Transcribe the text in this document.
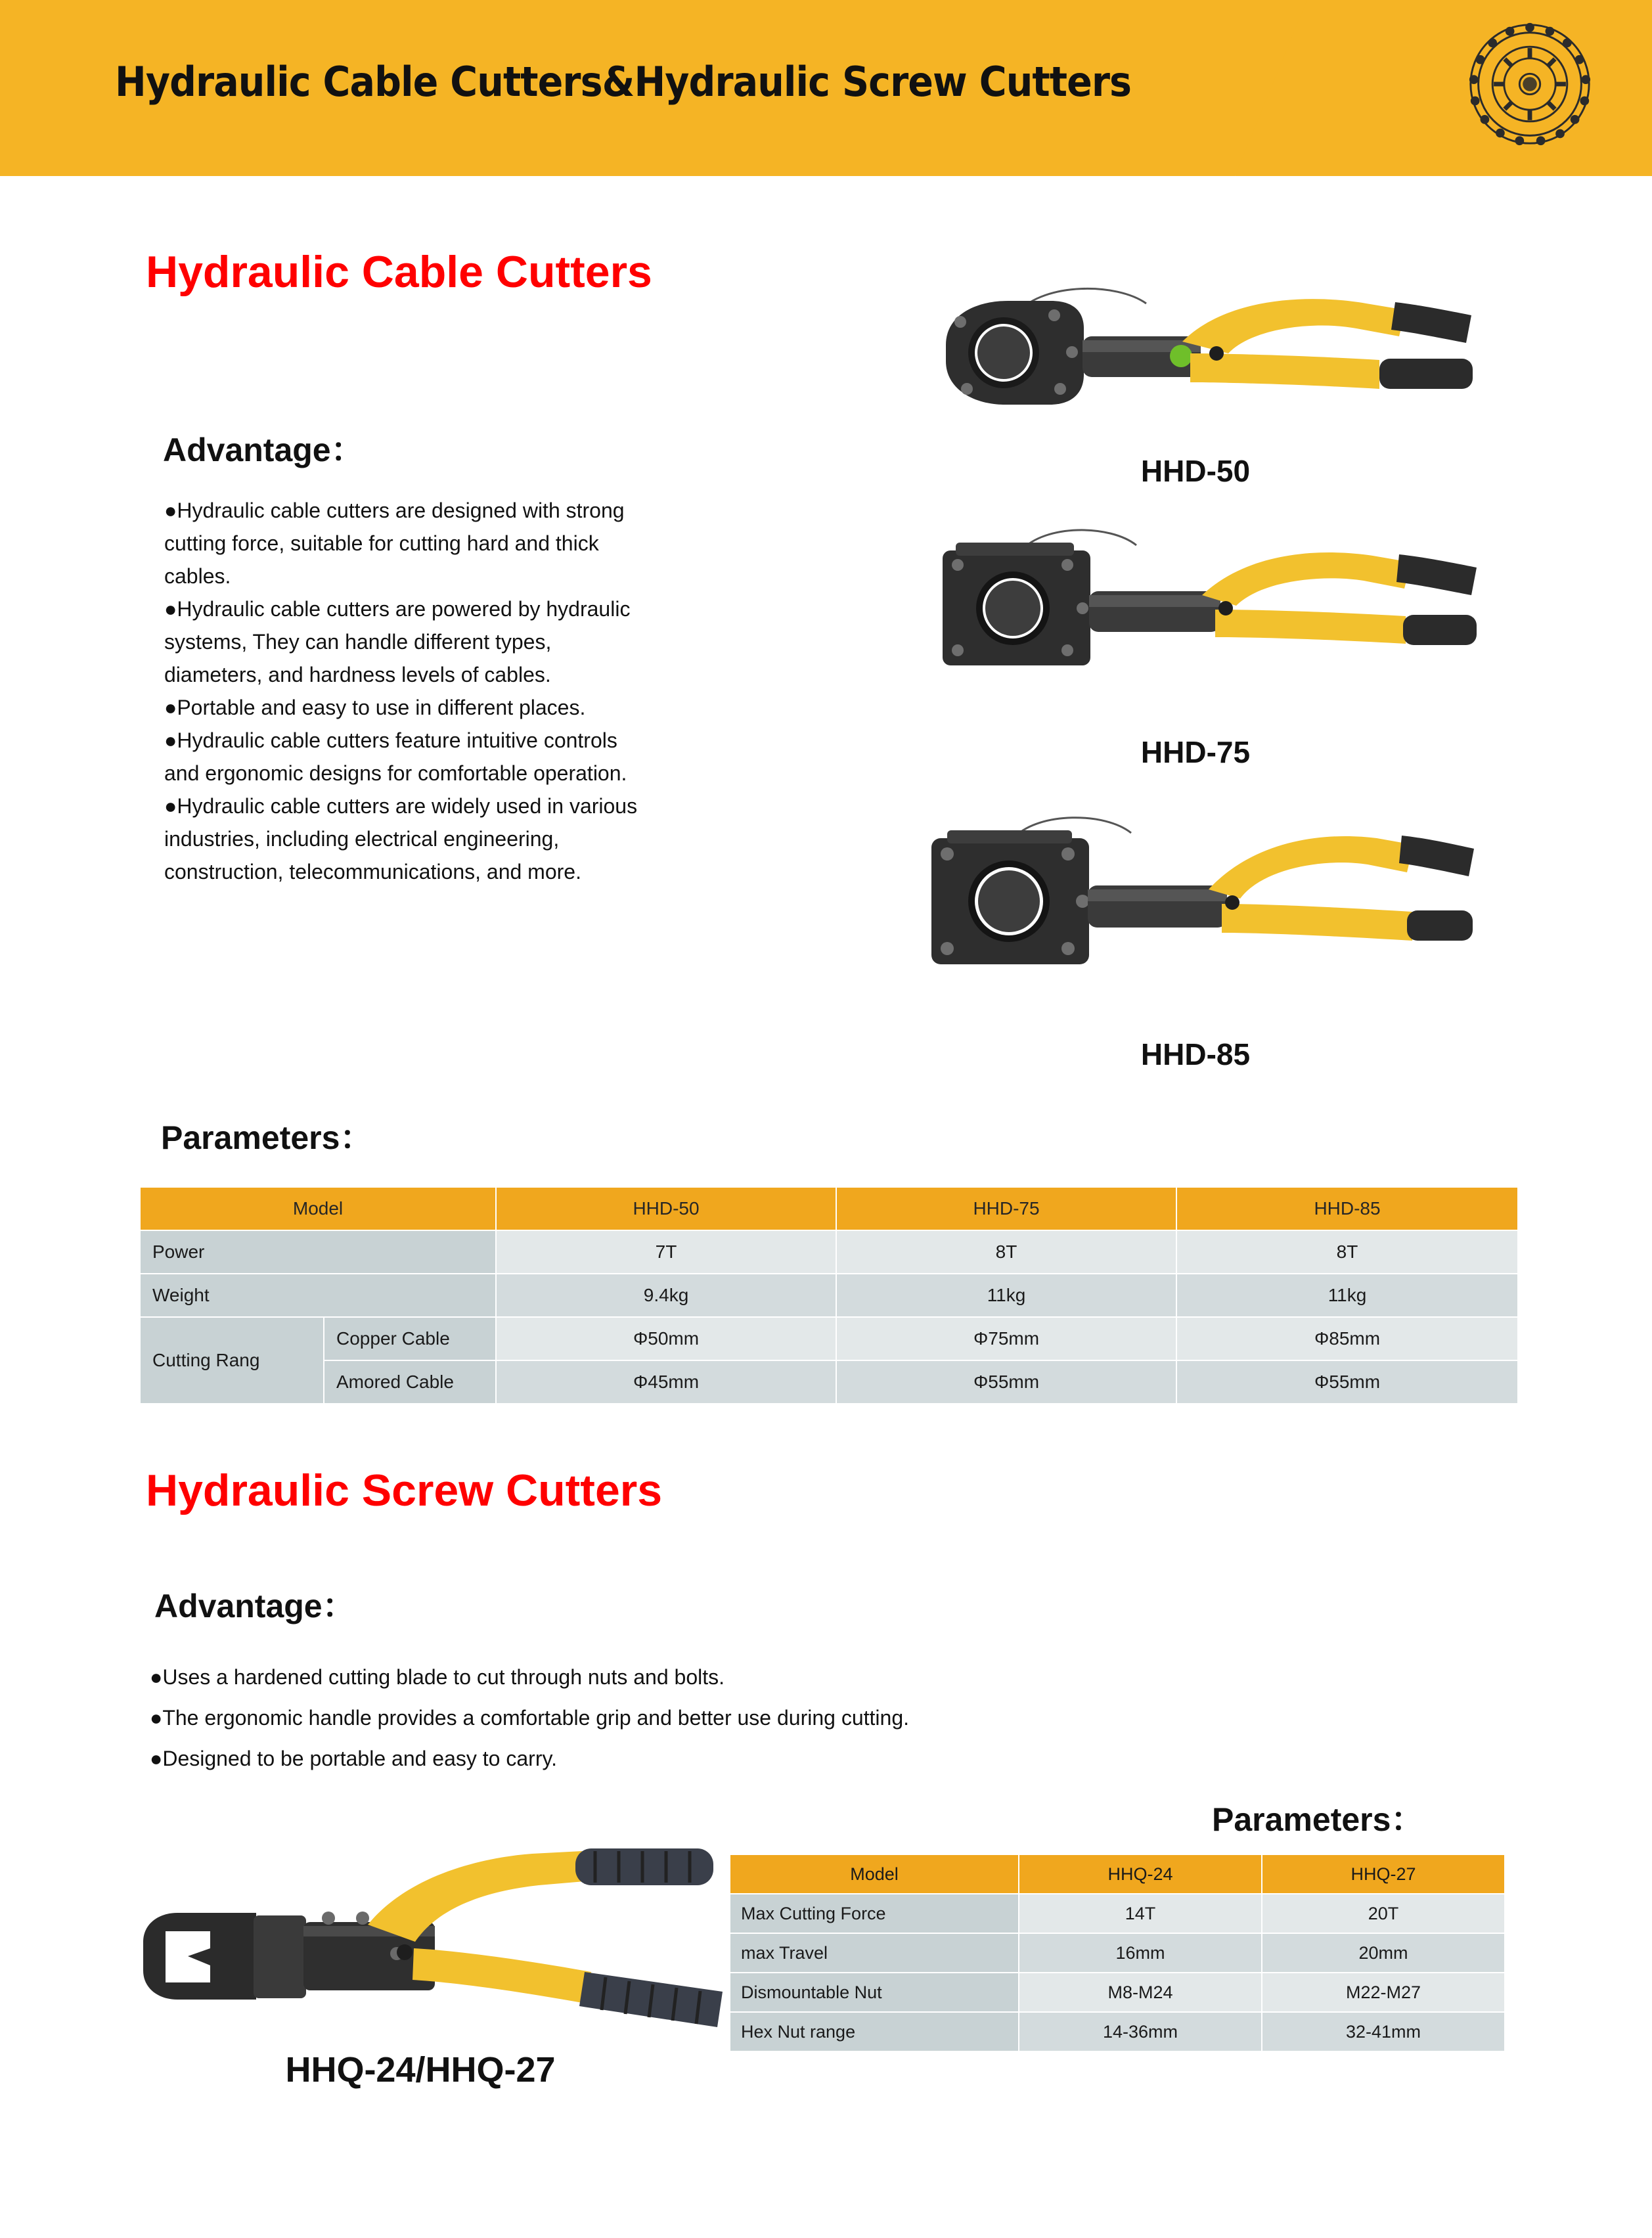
Hydraulic Cable Cutters&Hydraulic Screw Cutters
Hydraulic Cable Cutters
Advantage：

●Hydraulic cable cutters are designed with strong

cutting force, suitable for cutting hard and thick

cables.

●Hydraulic cable cutters are powered by hydraulic

systems, They can handle different types,

diameters, and hardness levels of cables.

●Portable and easy to use in different places.

●Hydraulic cable cutters feature intuitive controls

and ergonomic designs for comfortable operation.

●Hydraulic cable cutters are widely used in various

industries, including electrical engineering,

construction, telecommunications, and more.

HHD-50
HHD-75
HHD-85
Parameters：
Model		HHD-50	HHD-75	HHD-85
Power		7T	8T	8T
Weight		9.4kg	11kg	11kg
Cutting Rang	Copper Cable	Φ50mm	Φ75mm	Φ85mm
	Amored Cable	Φ45mm	Φ55mm	Φ55mm
Hydraulic Screw Cutters
Advantage：

●Uses a hardened cutting blade to cut through nuts and bolts.

●The ergonomic handle provides a comfortable grip and better use during cutting.

●Designed to be portable and easy to carry.

Parameters：
HHQ-24/HHQ-27
Model	HHQ-24	HHQ-27
Max Cutting Force	14T	20T
max Travel	16mm	20mm
Dismountable Nut	M8-M24	M22-M27
Hex Nut range	14-36mm	32-41mm
